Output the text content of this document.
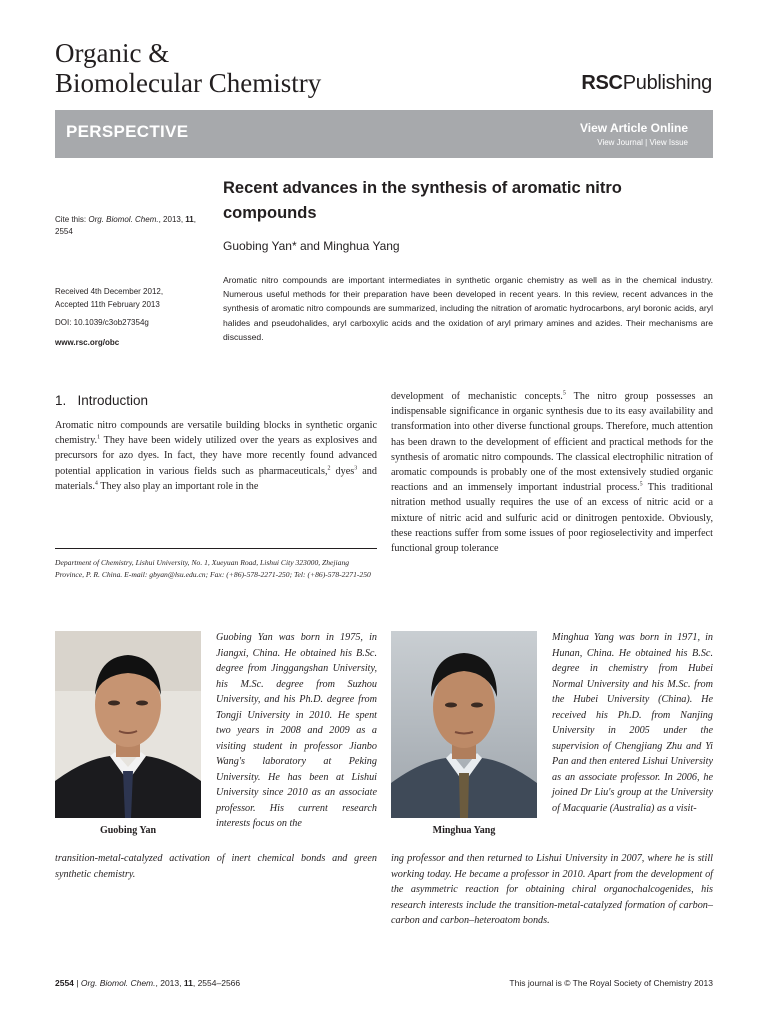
Organic &
Biomolecular Chemistry	RSCPublishing
PERSPECTIVE	View Article Online
View Journal | View Issue
Cite this: Org. Biomol. Chem., 2013, 11, 2554
Recent advances in the synthesis of aromatic nitro compounds
Guobing Yan* and Minghua Yang
Received 4th December 2012,
Accepted 11th February 2013
DOI: 10.1039/c3ob27354g
www.rsc.org/obc
Aromatic nitro compounds are important intermediates in synthetic organic chemistry as well as in the chemical industry. Numerous useful methods for their preparation have been developed in recent years. In this review, recent advances in the synthesis of aromatic nitro compounds are summarized, including the nitration of aromatic hydrocarbons, aryl boronic acids, aryl halides and pseudohalides, aryl carboxylic acids and the oxidation of aryl primary amines and azides. Their mechanisms are discussed.
1.   Introduction
Aromatic nitro compounds are versatile building blocks in synthetic organic chemistry.$^1$ They have been widely utilized over the years as explosives and precursors for azo dyes. In fact, they have more recently found advanced potential application in various fields such as pharmaceuticals,$^2$ dyes$^3$ and materials.$^4$ They also play an important role in the
development of mechanistic concepts.$^5$ The nitro group possesses an indispensable significance in organic synthesis due to its easy availability and transformation into other diverse functional groups. Therefore, much attention has been drawn to the development of efficient and practical methods for the synthesis of aromatic nitro compounds. The classical electrophilic nitration of aromatic compounds is probably one of the most extensively studied organic reactions and an immensely important industrial process.$^5$ This traditional nitration method usually requires the use of an excess of nitric acid or a mixture of nitric acid and sulfuric acid or dinitrogen pentoxide. Obviously, these reactions suffer from some issues of poor regioselectivity and imperfect functional group tolerance
Department of Chemistry, Lishui University, No. 1, Xueyuan Road, Lishui City 323000, Zhejiang Province, P. R. China. E-mail: gbyan@lsu.edu.cn; Fax: (+86)-578-2271-250; Tel: (+86)-578-2271-250
Guobing Yan
Guobing Yan was born in 1975, in Jiangxi, China. He obtained his B.Sc. degree from Jinggangshan University, his M.Sc. degree from Suzhou University, and his Ph.D. degree from Tongji University in 2010. He spent two years in 2008 and 2009 as a visiting student in professor Jianbo Wang's laboratory at Peking University. He has been at Lishui University since 2010 as an associate professor. His current research interests focus on the
transition-metal-catalyzed activation of inert chemical bonds and green synthetic chemistry.
Minghua Yang
Minghua Yang was born in 1971, in Hunan, China. He obtained his B.Sc. degree in chemistry from Hubei Normal University and his M.Sc. from the Hubei University (China). He received his Ph.D. from Nanjing University in 2005 under the supervision of Chengjiang Zhu and Yi Pan and then entered Lishui University as an associate professor. In 2006, he joined Dr Liu's group at the University of Macquarie (Australia) as a visit-
ing professor and then returned to Lishui University in 2007, where he is still working today. He became a professor in 2010. Apart from the development of the asymmetric reaction for obtaining chiral organochalcogenides, his research interests include the transition-metal-catalyzed formation of carbon–carbon and carbon–heteroatom bonds.
2554 | Org. Biomol. Chem., 2013, 11, 2554–2566	This journal is © The Royal Society of Chemistry 2013
